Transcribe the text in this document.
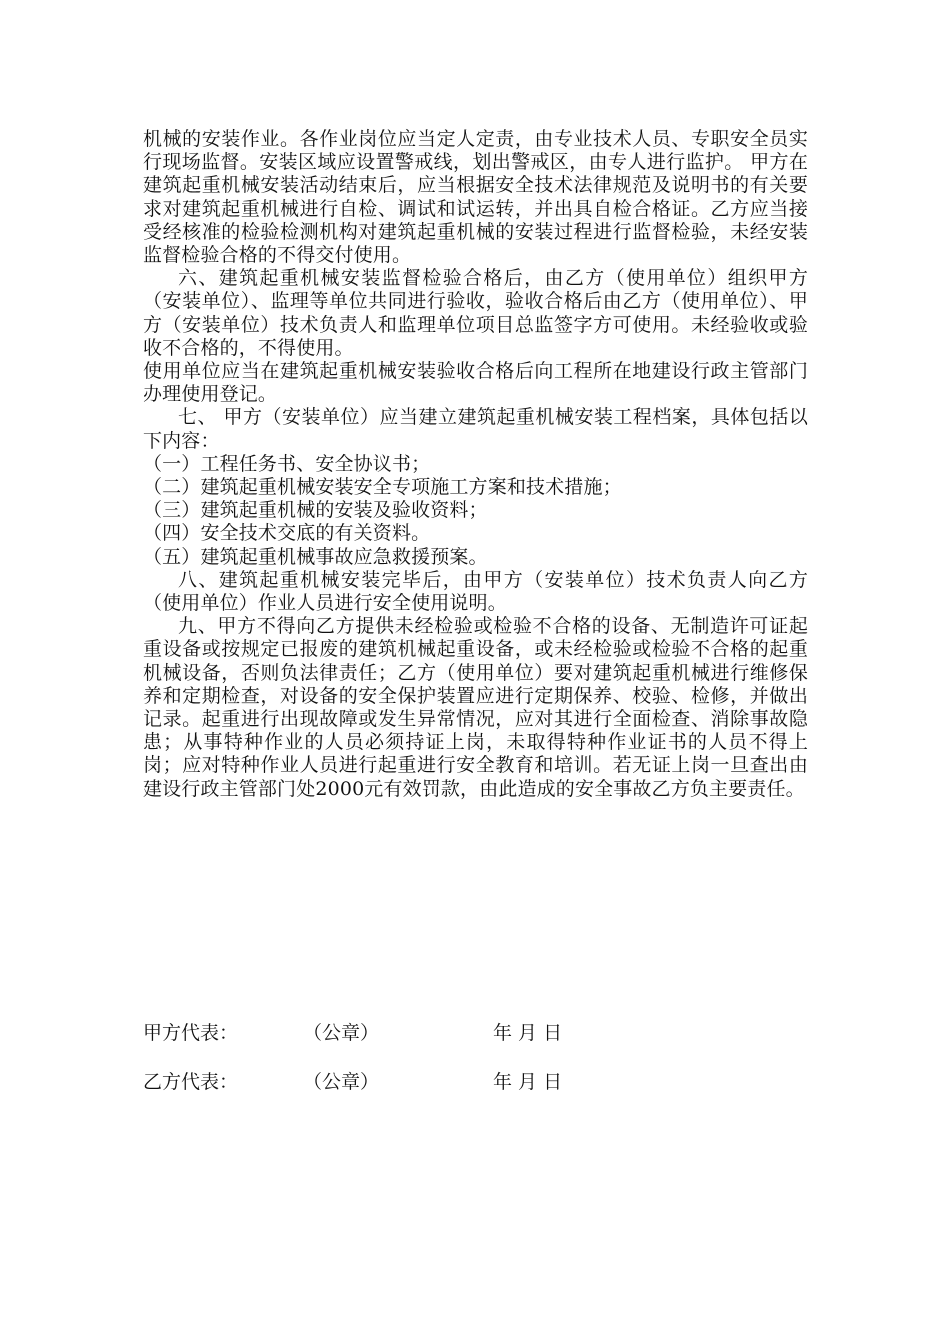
机械的安装作业。各作业岗位应当定人定责，由专业技术人员、专职安全员实行现场监督。安装区域应设置警戒线，划出警戒区，由专人进行监护。 甲方在建筑起重机械安装活动结束后，应当根据安全技术法律规范及说明书的有关要求对建筑起重机械进行自检、调试和试运转，并出具自检合格证。乙方应当接受经核准的检验检测机构对建筑起重机械的安装过程进行监督检验，未经安装监督检验合格的不得交付使用。

六、建筑起重机械安装监督检验合格后，由乙方（使用单位）组织甲方（安装单位）、监理等单位共同进行验收，验收合格后由乙方（使用单位）、甲方（安装单位）技术负责人和监理单位项目总监签字方可使用。未经验收或验收不合格的，不得使用。

使用单位应当在建筑起重机械安装验收合格后向工程所在地建设行政主管部门办理使用登记。

七、 甲方（安装单位）应当建立建筑起重机械安装工程档案，具体包括以下内容：

（一）工程任务书、安全协议书；

（二）建筑起重机械安装安全专项施工方案和技术措施；

（三）建筑起重机械的安装及验收资料；

（四）安全技术交底的有关资料。

（五）建筑起重机械事故应急救援预案。

八、建筑起重机械安装完毕后，由甲方（安装单位）技术负责人向乙方（使用单位）作业人员进行安全使用说明。

九、甲方不得向乙方提供未经检验或检验不合格的设备、无制造许可证起重设备或按规定已报废的建筑机械起重设备，或未经检验或检验不合格的起重机械设备，否则负法律责任；乙方（使用单位）要对建筑起重机械进行维修保养和定期检查，对设备的安全保护装置应进行定期保养、校验、检修，并做出记录。起重进行出现故障或发生异常情况，应对其进行全面检查、消除事故隐患；从事特种作业的人员必须持证上岗，未取得特种作业证书的人员不得上岗；应对特种作业人员进行起重进行安全教育和培训。若无证上岗一旦查出由建设行政主管部门处2000元有效罚款，由此造成的安全事故乙方负主要责任。

甲方代表：	（公章）	年 月 日
乙方代表：	（公章）	年 月 日
